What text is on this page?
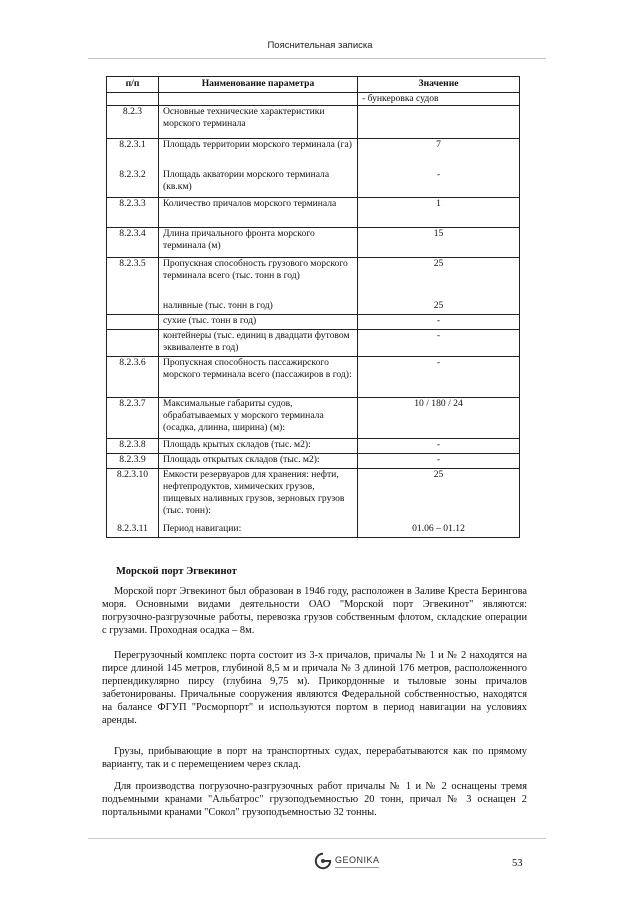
Пояснительная записка
п/п	Наименование параметра	Значение
		- бункеровка судов
8.2.3	Основные технические характеристики морского терминала	
8.2.3.1	Площадь территории морского терминала (га)	7
8.2.3.2	Площадь акватории морского терминала (кв.км)	-
8.2.3.3	Количество причалов морского терминала	1
8.2.3.4	Длина причального фронта морского терминала (м)	15
8.2.3.5	Пропускная способность грузового морского терминала всего (тыс. тонн в год)	25
	наливные (тыс. тонн в год)	25
	сухие (тыс. тонн в год)	-
	контейнеры (тыс. единиц в двадцати футовом эквиваленте в год)	-
8.2.3.6	Пропускная способность пассажирского морского терминала всего (пассажиров в год):	-
8.2.3.7	Максимальные габариты судов, обрабатываемых у морского терминала (осадка, длинна, ширина) (м):	10 / 180 / 24
8.2.3.8	Площадь крытых складов (тыс. м2):	-
8.2.3.9	Площадь открытых складов (тыс. м2):	-
8.2.3.10	Емкости резервуаров для хранения: нефти, нефтепродуктов, химических грузов, пищевых наливных грузов, зерновых грузов (тыс. тонн):	25
8.2.3.11	Период навигации:	01.06 – 01.12
Морской порт Эгвекинот

Морской порт Эгвекинот был образован в 1946 году, расположен в Заливе Креста Берингова моря. Основными видами деятельности ОАО "Морской порт Эгвекинот" являются: погрузочно-разгрузочные работы, перевозка грузов собственным флотом, складские операции с грузами. Проходная осадка – 8м.

Перегрузочный комплекс порта состоит из 3-х причалов, причалы № 1 и № 2 находятся на пирсе длиной 145 метров, глубиной 8,5 м и причала № 3 длиной 176 метров, расположенного перпендикулярно пирсу (глубина 9,75 м). Прикордонные и тыловые зоны причалов забетонированы. Причальные сооружения являются Федеральной собственностью, находятся на балансе ФГУП "Росморпорт" и используются портом в период навигации на условиях аренды.

Грузы, прибывающие в порт на транспортных судах, перерабатываются как по прямому варианту, так и с перемещением через склад.

Для производства погрузочно-разгрузочных работ причалы № 1 и № 2 оснащены тремя подъемными кранами "Альбатрос" грузоподъемностью 20 тонн, причал № 3 оснащен 2 портальными кранами "Сокол" грузоподъемностью 32 тонны.

GEONIKA	53
